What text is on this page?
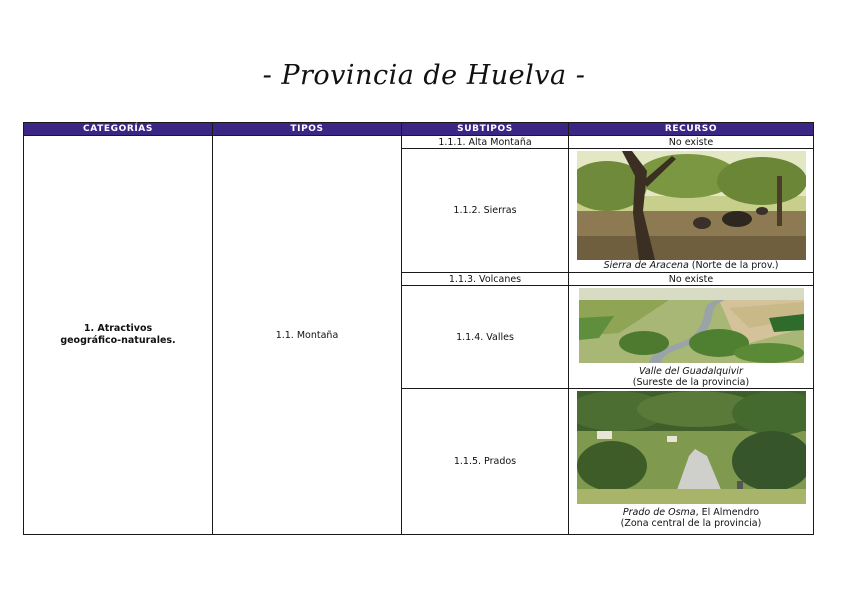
- Provincia de Huelva -
CATEGORÍAS	TIPOS	SUBTIPOS	RECURSO

1. Atractivos geográfico-naturales.	1.1. Montaña	1.1.1. Alta Montaña	No existe
		1.1.2. Sierras	Sierra de Aracena (Norte de la prov.)

		1.1.3. Volcanes	No existe
		1.1.4. Valles	Valle del Guadalquivir
(Sureste de la provincia)

		1.1.5. Prados	Prado de Osma, El Almendro
(Zona central de la provincia)
